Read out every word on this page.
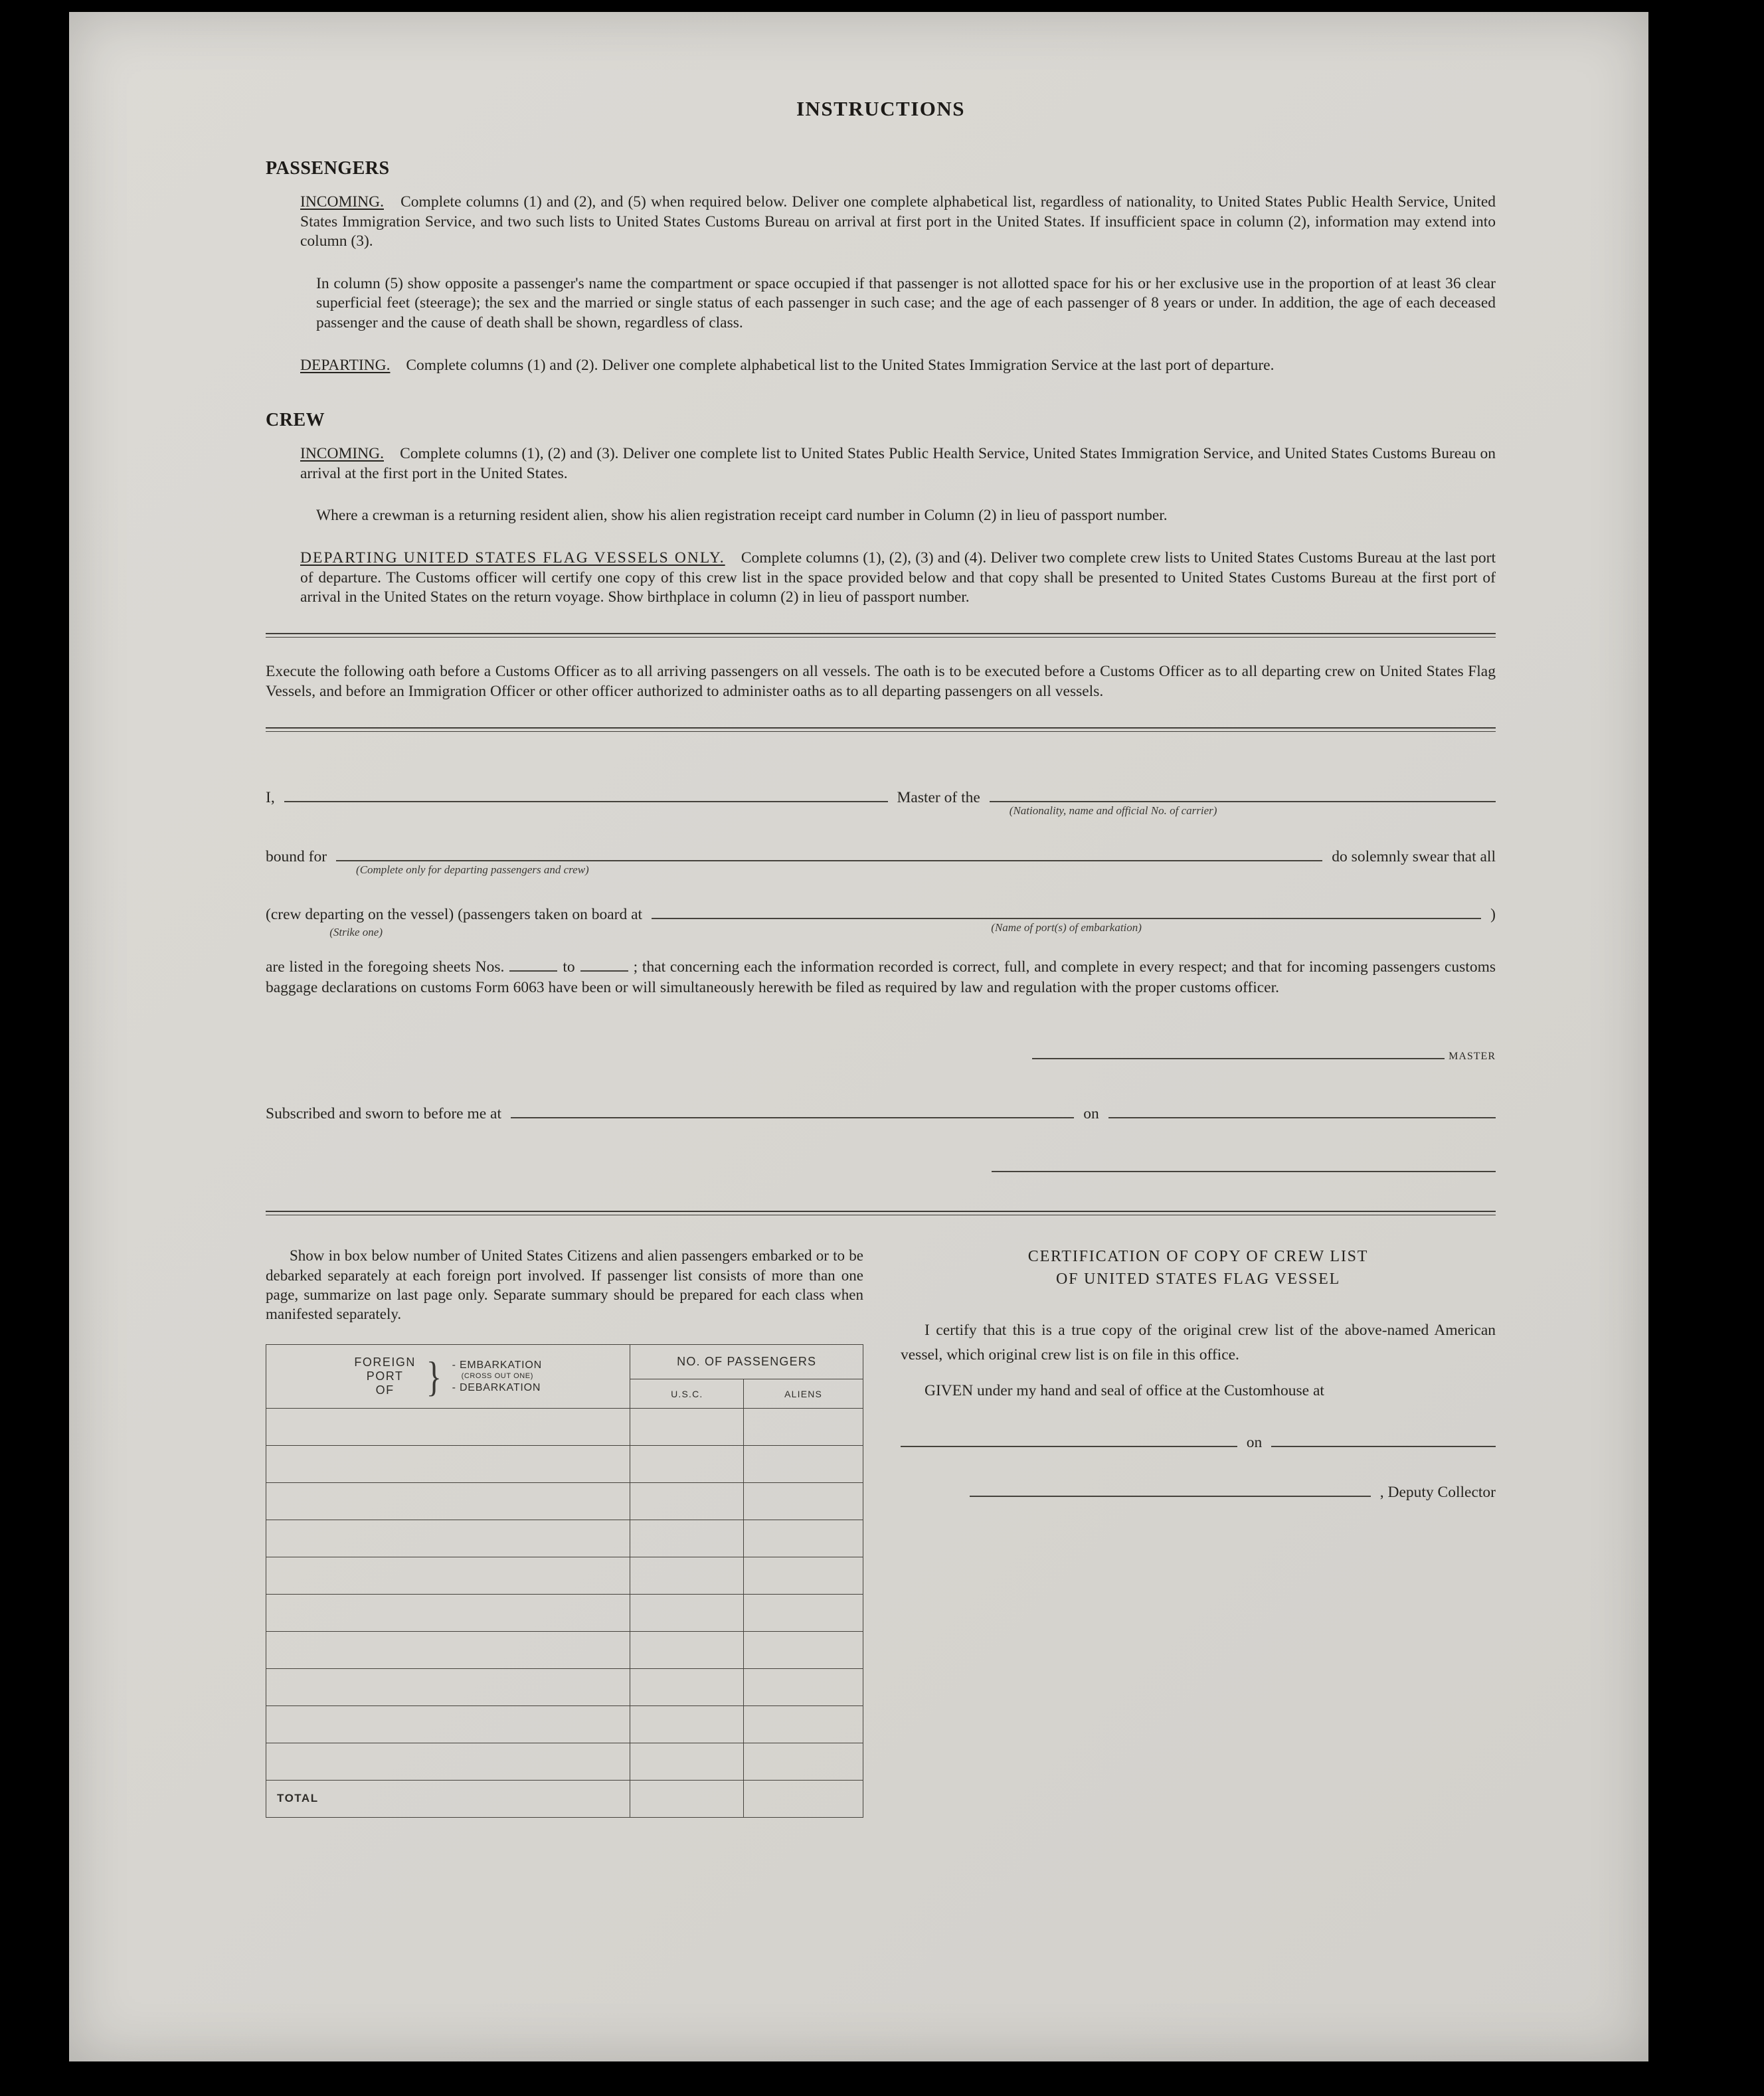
INSTRUCTIONS
PASSENGERS

INCOMING. Complete columns (1) and (2), and (5) when required below. Deliver one complete alphabetical list, regardless of nationality, to United States Public Health Service, United States Immigration Service, and two such lists to United States Customs Bureau on arrival at first port in the United States. If insufficient space in column (2), information may extend into column (3).

In column (5) show opposite a passenger's name the compartment or space occupied if that passenger is not allotted space for his or her exclusive use in the proportion of at least 36 clear superficial feet (steerage); the sex and the married or single status of each passenger in such case; and the age of each passenger of 8 years or under. In addition, the age of each deceased passenger and the cause of death shall be shown, regardless of class.

DEPARTING. Complete columns (1) and (2). Deliver one complete alphabetical list to the United States Immigration Service at the last port of departure.

CREW

INCOMING. Complete columns (1), (2) and (3). Deliver one complete list to United States Public Health Service, United States Immigration Service, and United States Customs Bureau on arrival at the first port in the United States.

Where a crewman is a returning resident alien, show his alien registration receipt card number in Column (2) in lieu of passport number.

DEPARTING UNITED STATES FLAG VESSELS ONLY. Complete columns (1), (2), (3) and (4). Deliver two complete crew lists to United States Customs Bureau at the last port of departure. The Customs officer will certify one copy of this crew list in the space provided below and that copy shall be presented to United States Customs Bureau at the first port of arrival in the United States on the return voyage. Show birthplace in column (2) in lieu of passport number.

Execute the following oath before a Customs Officer as to all arriving passengers on all vessels. The oath is to be executed before a Customs Officer as to all departing crew on United States Flag Vessels, and before an Immigration Officer or other officer authorized to administer oaths as to all departing passengers on all vessels.

I,	Master of the
(Nationality, name and official No. of carrier)
bound for
(Complete only for departing passengers and crew)
do solemnly swear that all
(crew departing on the vessel) (passengers taken on board at
(Strike one)	(Name of port(s) of embarkation)
)

are listed in the foregoing sheets Nos.	to	; that concerning each the information recorded is correct, full, and complete in every respect; and that for incoming passengers customs baggage declarations on customs Form 6063 have been or will simultaneously herewith be filed as required by law and regulation with the proper customs officer.

MASTER
Subscribed and sworn to before me at	on

Show in box below number of United States Citizens and alien passengers embarked or to be debarked separately at each foreign port involved. If passenger list consists of more than one page, summarize on last page only. Separate summary should be prepared for each class when manifested separately.

FOREIGN
PORT
OF } - EMBARKATION
(CROSS OUT ONE)
- DEBARKATION
	NO. OF PASSENGERS
	U.S.C.	ALIENS

TOTAL		
CERTIFICATION OF COPY OF CREW LIST
OF UNITED STATES FLAG VESSEL

I certify that this is a true copy of the original crew list of the above-named American vessel, which original crew list is on file in this office.

GIVEN under my hand and seal of office at the Customhouse at

on
, Deputy Collector
